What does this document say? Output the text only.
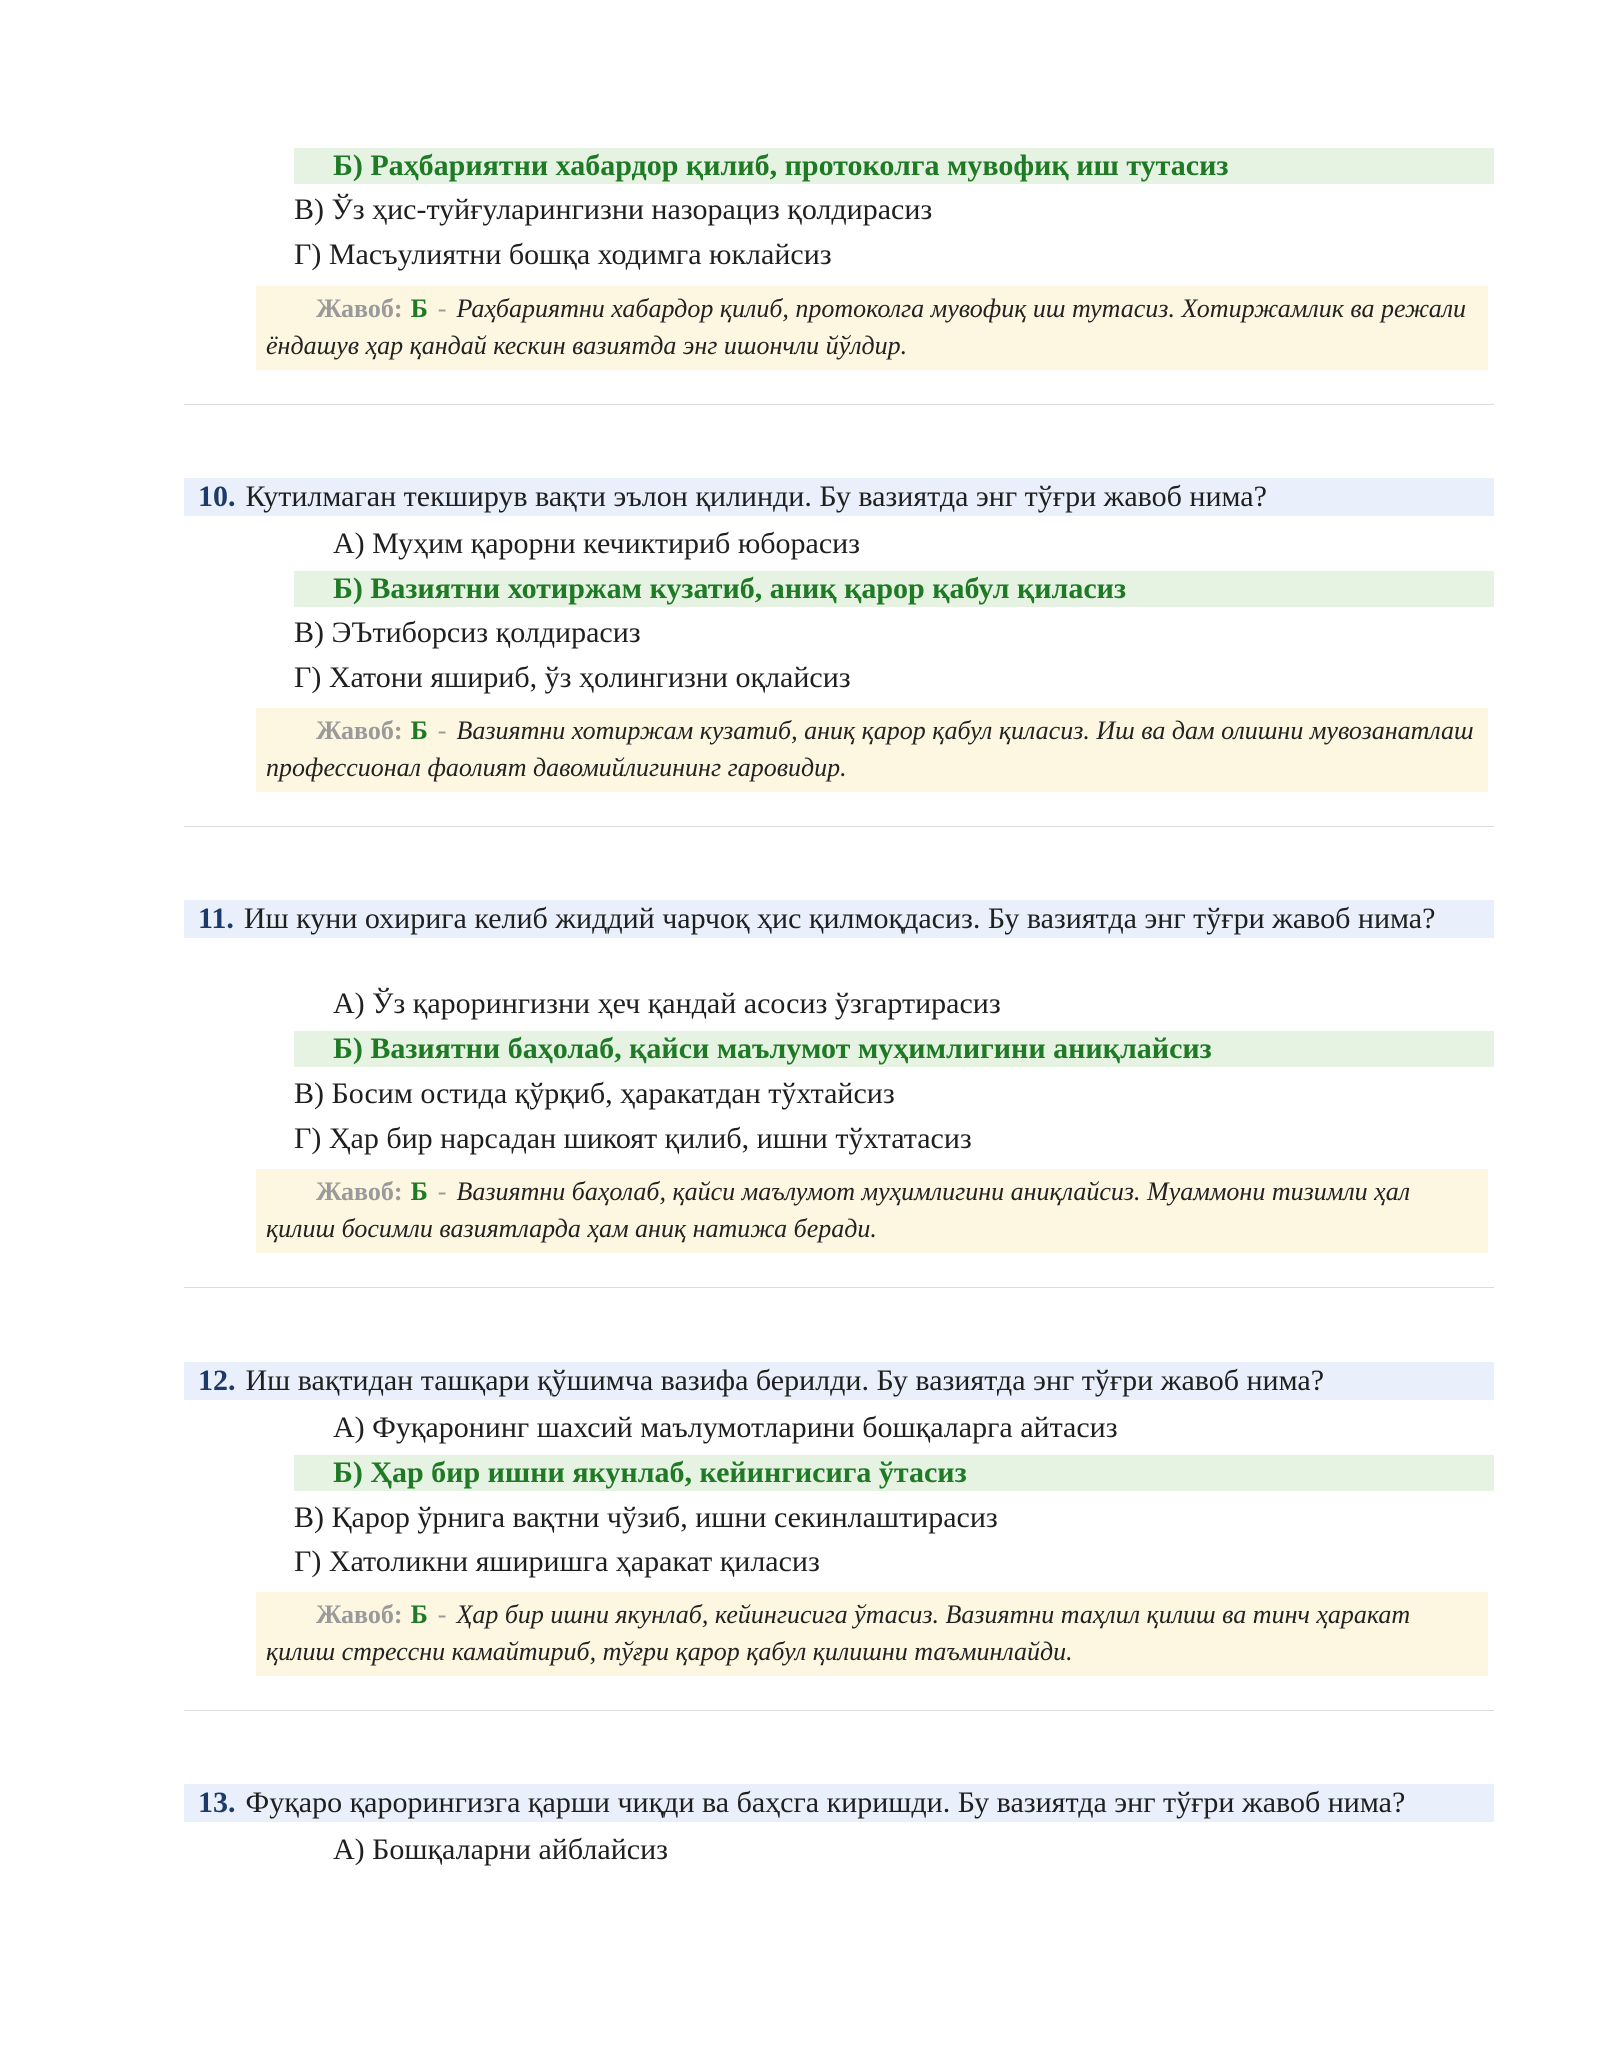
Б) Раҳбариятни хабардор қилиб, протоколга мувофиқ иш тутасиз
В) Ўз ҳис-туйғуларингизни назорациз қолдирасиз
Г) Масъулиятни бошқа ходимга юклайсиз
Жавоб: Б - Раҳбариятни хабардор қилиб, протоколга мувофиқ иш тутасиз. Хотиржамлик ва режали ёндашув ҳар қандай кескин вазиятда энг ишончли йўлдир.
10. Кутилмаган текширув вақти эълон қилинди. Бу вазиятда энг тўғри жавоб нима?
А) Муҳим қарорни кечиктириб юборасиз
Б) Вазиятни хотиржам кузатиб, аниқ қарор қабул қиласиз
В) ЭЪтиборсиз қолдирасиз
Г) Хатони яшириб, ўз ҳолингизни оқлайсиз
Жавоб: Б - Вазиятни хотиржам кузатиб, аниқ қарор қабул қиласиз. Иш ва дам олишни мувозанатлаш профессионал фаолият давомийлигининг гаровидир.
11. Иш куни охирига келиб жиддий чарчоқ ҳис қилмоқдасиз. Бу вазиятда энг тўғри жавоб нима?
А) Ўз қарорингизни ҳеч қандай асосиз ўзгартирасиз
Б) Вазиятни баҳолаб, қайси маълумот муҳимлигини аниқлайсиз
В) Босим остида қўрқиб, ҳаракатдан тўхтайсиз
Г) Ҳар бир нарсадан шикоят қилиб, ишни тўхтатасиз
Жавоб: Б - Вазиятни баҳолаб, қайси маълумот муҳимлигини аниқлайсиз. Муаммони тизимли ҳал қилиш босимли вазиятларда ҳам аниқ натижа беради.
12. Иш вақтидан ташқари қўшимча вазифа берилди. Бу вазиятда энг тўғри жавоб нима?
А) Фуқаронинг шахсий маълумотларини бошқаларга айтасиз
Б) Ҳар бир ишни якунлаб, кейингисига ўтасиз
В) Қарор ўрнига вақтни чўзиб, ишни секинлаштирасиз
Г) Хатоликни яширишга ҳаракат қиласиз
Жавоб: Б - Ҳар бир ишни якунлаб, кейингисига ўтасиз. Вазиятни таҳлил қилиш ва тинч ҳаракат қилиш стрессни камайтириб, тўғри қарор қабул қилишни таъминлайди.
13. Фуқаро қарорингизга қарши чиқди ва баҳсга киришди. Бу вазиятда энг тўғри жавоб нима?
А) Бошқаларни айблайсиз
